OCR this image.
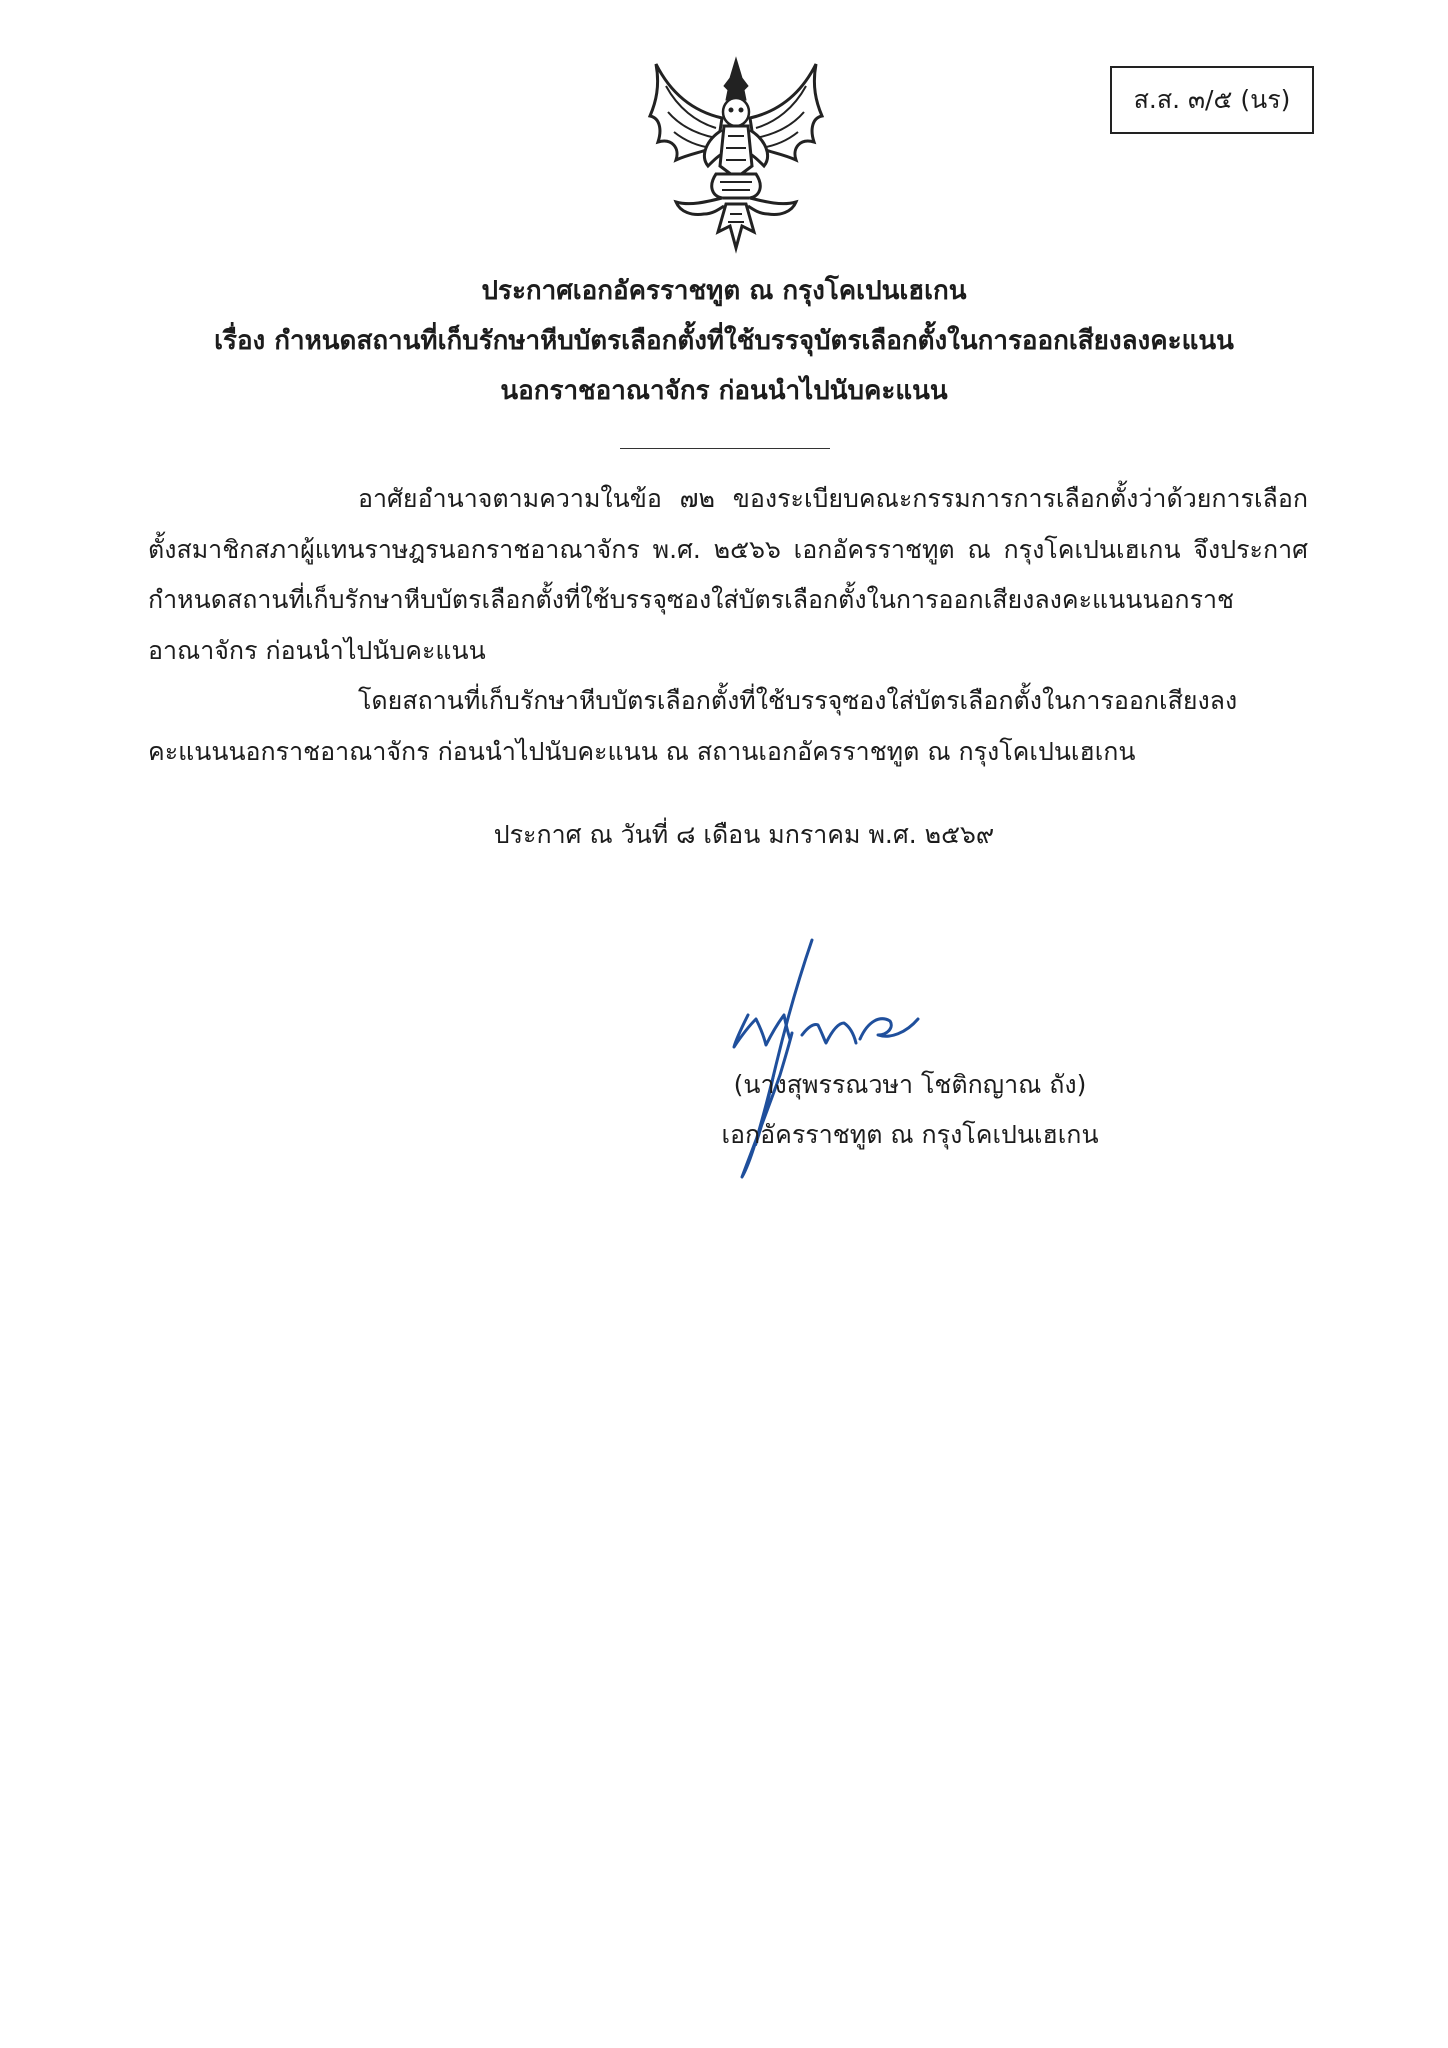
ส.ส. ๓/๕ (นร)
ประกาศเอกอัครราชทูต ณ กรุงโคเปนเฮเกน
เรื่อง กำหนดสถานที่เก็บรักษาหีบบัตรเลือกตั้งที่ใช้บรรจุบัตรเลือกตั้งในการออกเสียงลงคะแนน
นอกราชอาณาจักร ก่อนนำไปนับคะแนน

อาศัยอำนาจตามความในข้อ ๗๒ ของระเบียบคณะกรรมการการเลือกตั้งว่าด้วยการเลือกตั้งสมาชิกสภาผู้แทนราษฎรนอกราชอาณาจักร พ.ศ. ๒๕๖๖ เอกอัครราชทูต ณ กรุงโคเปนเฮเกน จึงประกาศกำหนดสถานที่เก็บรักษาหีบบัตรเลือกตั้งที่ใช้บรรจุซองใส่บัตรเลือกตั้งในการออกเสียงลงคะแนนนอกราชอาณาจักร ก่อนนำไปนับคะแนน

โดยสถานที่เก็บรักษาหีบบัตรเลือกตั้งที่ใช้บรรจุซองใส่บัตรเลือกตั้งในการออกเสียงลงคะแนนนอกราชอาณาจักร ก่อนนำไปนับคะแนน ณ สถานเอกอัครราชทูต ณ กรุงโคเปนเฮเกน

ประกาศ ณ วันที่ ๘ เดือน มกราคม พ.ศ. ๒๕๖๙
(นางสุพรรณวษา โชติกญาณ ถัง)
เอกอัครราชทูต ณ กรุงโคเปนเฮเกน
